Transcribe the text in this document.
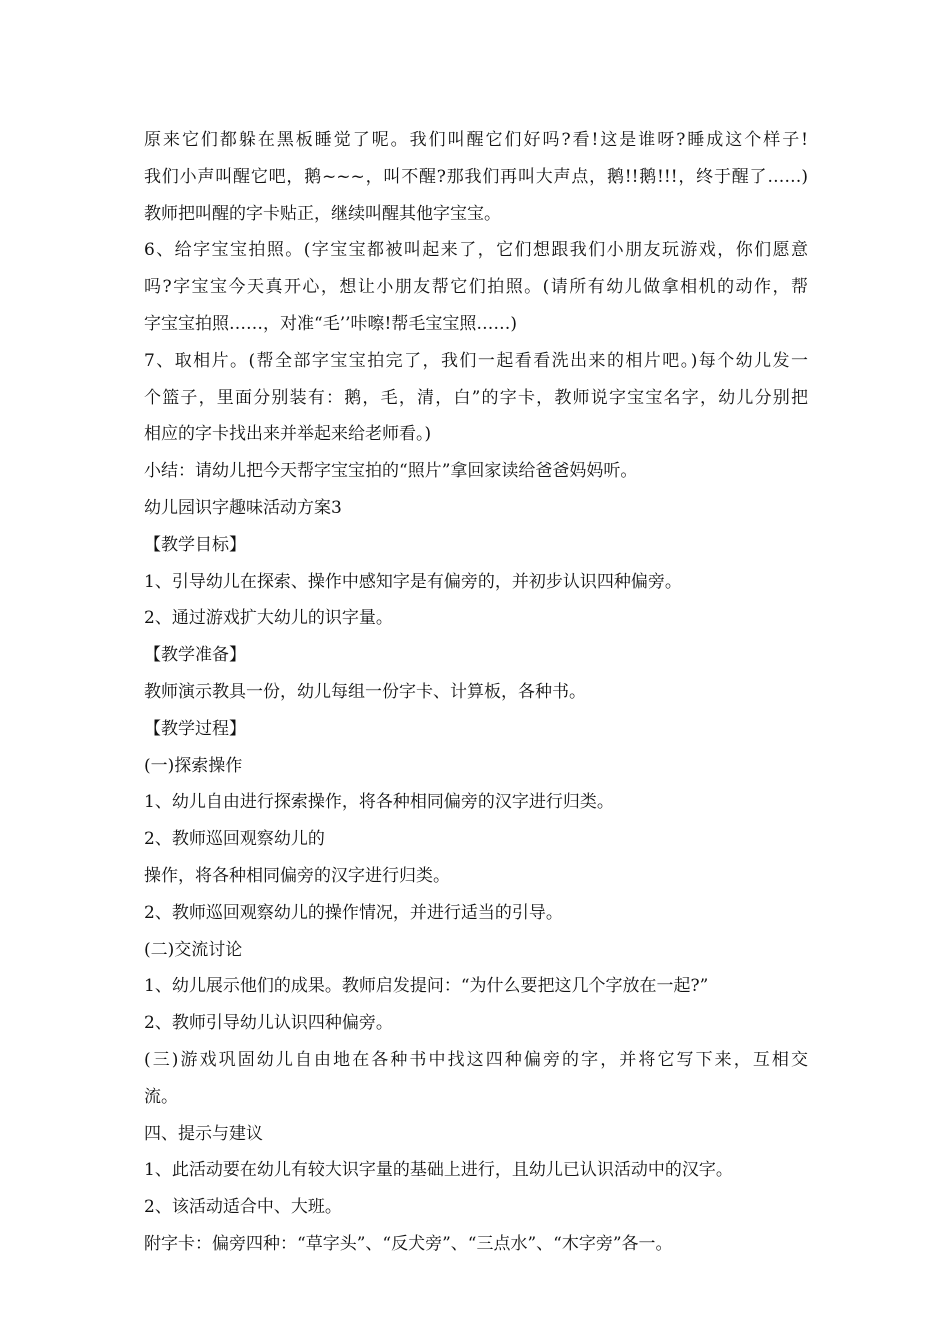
原来它们都躲在黑板睡觉了呢。我们叫醒它们好吗?看!这是谁呀?睡成这个样子!
我们小声叫醒它吧，鹅~~~，叫不醒?那我们再叫大声点，鹅!!鹅!!!，终于醒了……)
教师把叫醒的字卡贴正，继续叫醒其他字宝宝。
6、给字宝宝拍照。(字宝宝都被叫起来了，它们想跟我们小朋友玩游戏，你们愿意
吗?字宝宝今天真开心，想让小朋友帮它们拍照。(请所有幼儿做拿相机的动作，帮
字宝宝拍照……，对准“毛’’咔嚓!帮毛宝宝照……)
7、取相片。(帮全部字宝宝拍完了，我们一起看看洗出来的相片吧。)每个幼儿发一
个篮子，里面分别装有：鹅，毛，清，白”的字卡，教师说字宝宝名字，幼儿分别把
相应的字卡找出来并举起来给老师看。)
小结：请幼儿把今天帮字宝宝拍的“照片”拿回家读给爸爸妈妈听。
幼儿园识字趣味活动方案3
【教学目标】
1、引导幼儿在探索、操作中感知字是有偏旁的，并初步认识四种偏旁。
2、通过游戏扩大幼儿的识字量。
【教学准备】
教师演示教具一份，幼儿每组一份字卡、计算板，各种书。
【教学过程】
(一)探索操作
1、幼儿自由进行探索操作，将各种相同偏旁的汉字进行归类。
2、教师巡回观察幼儿的
操作，将各种相同偏旁的汉字进行归类。
2、教师巡回观察幼儿的操作情况，并进行适当的引导。
(二)交流讨论
1、幼儿展示他们的成果。教师启发提问：“为什么要把这几个字放在一起?”
2、教师引导幼儿认识四种偏旁。
(三)游戏巩固幼儿自由地在各种书中找这四种偏旁的字，并将它写下来，互相交
流。
四、提示与建议
1、此活动要在幼儿有较大识字量的基础上进行，且幼儿已认识活动中的汉字。
2、该活动适合中、大班。
附字卡：偏旁四种：“草字头”、“反犬旁”、“三点水”、“木字旁”各一。
